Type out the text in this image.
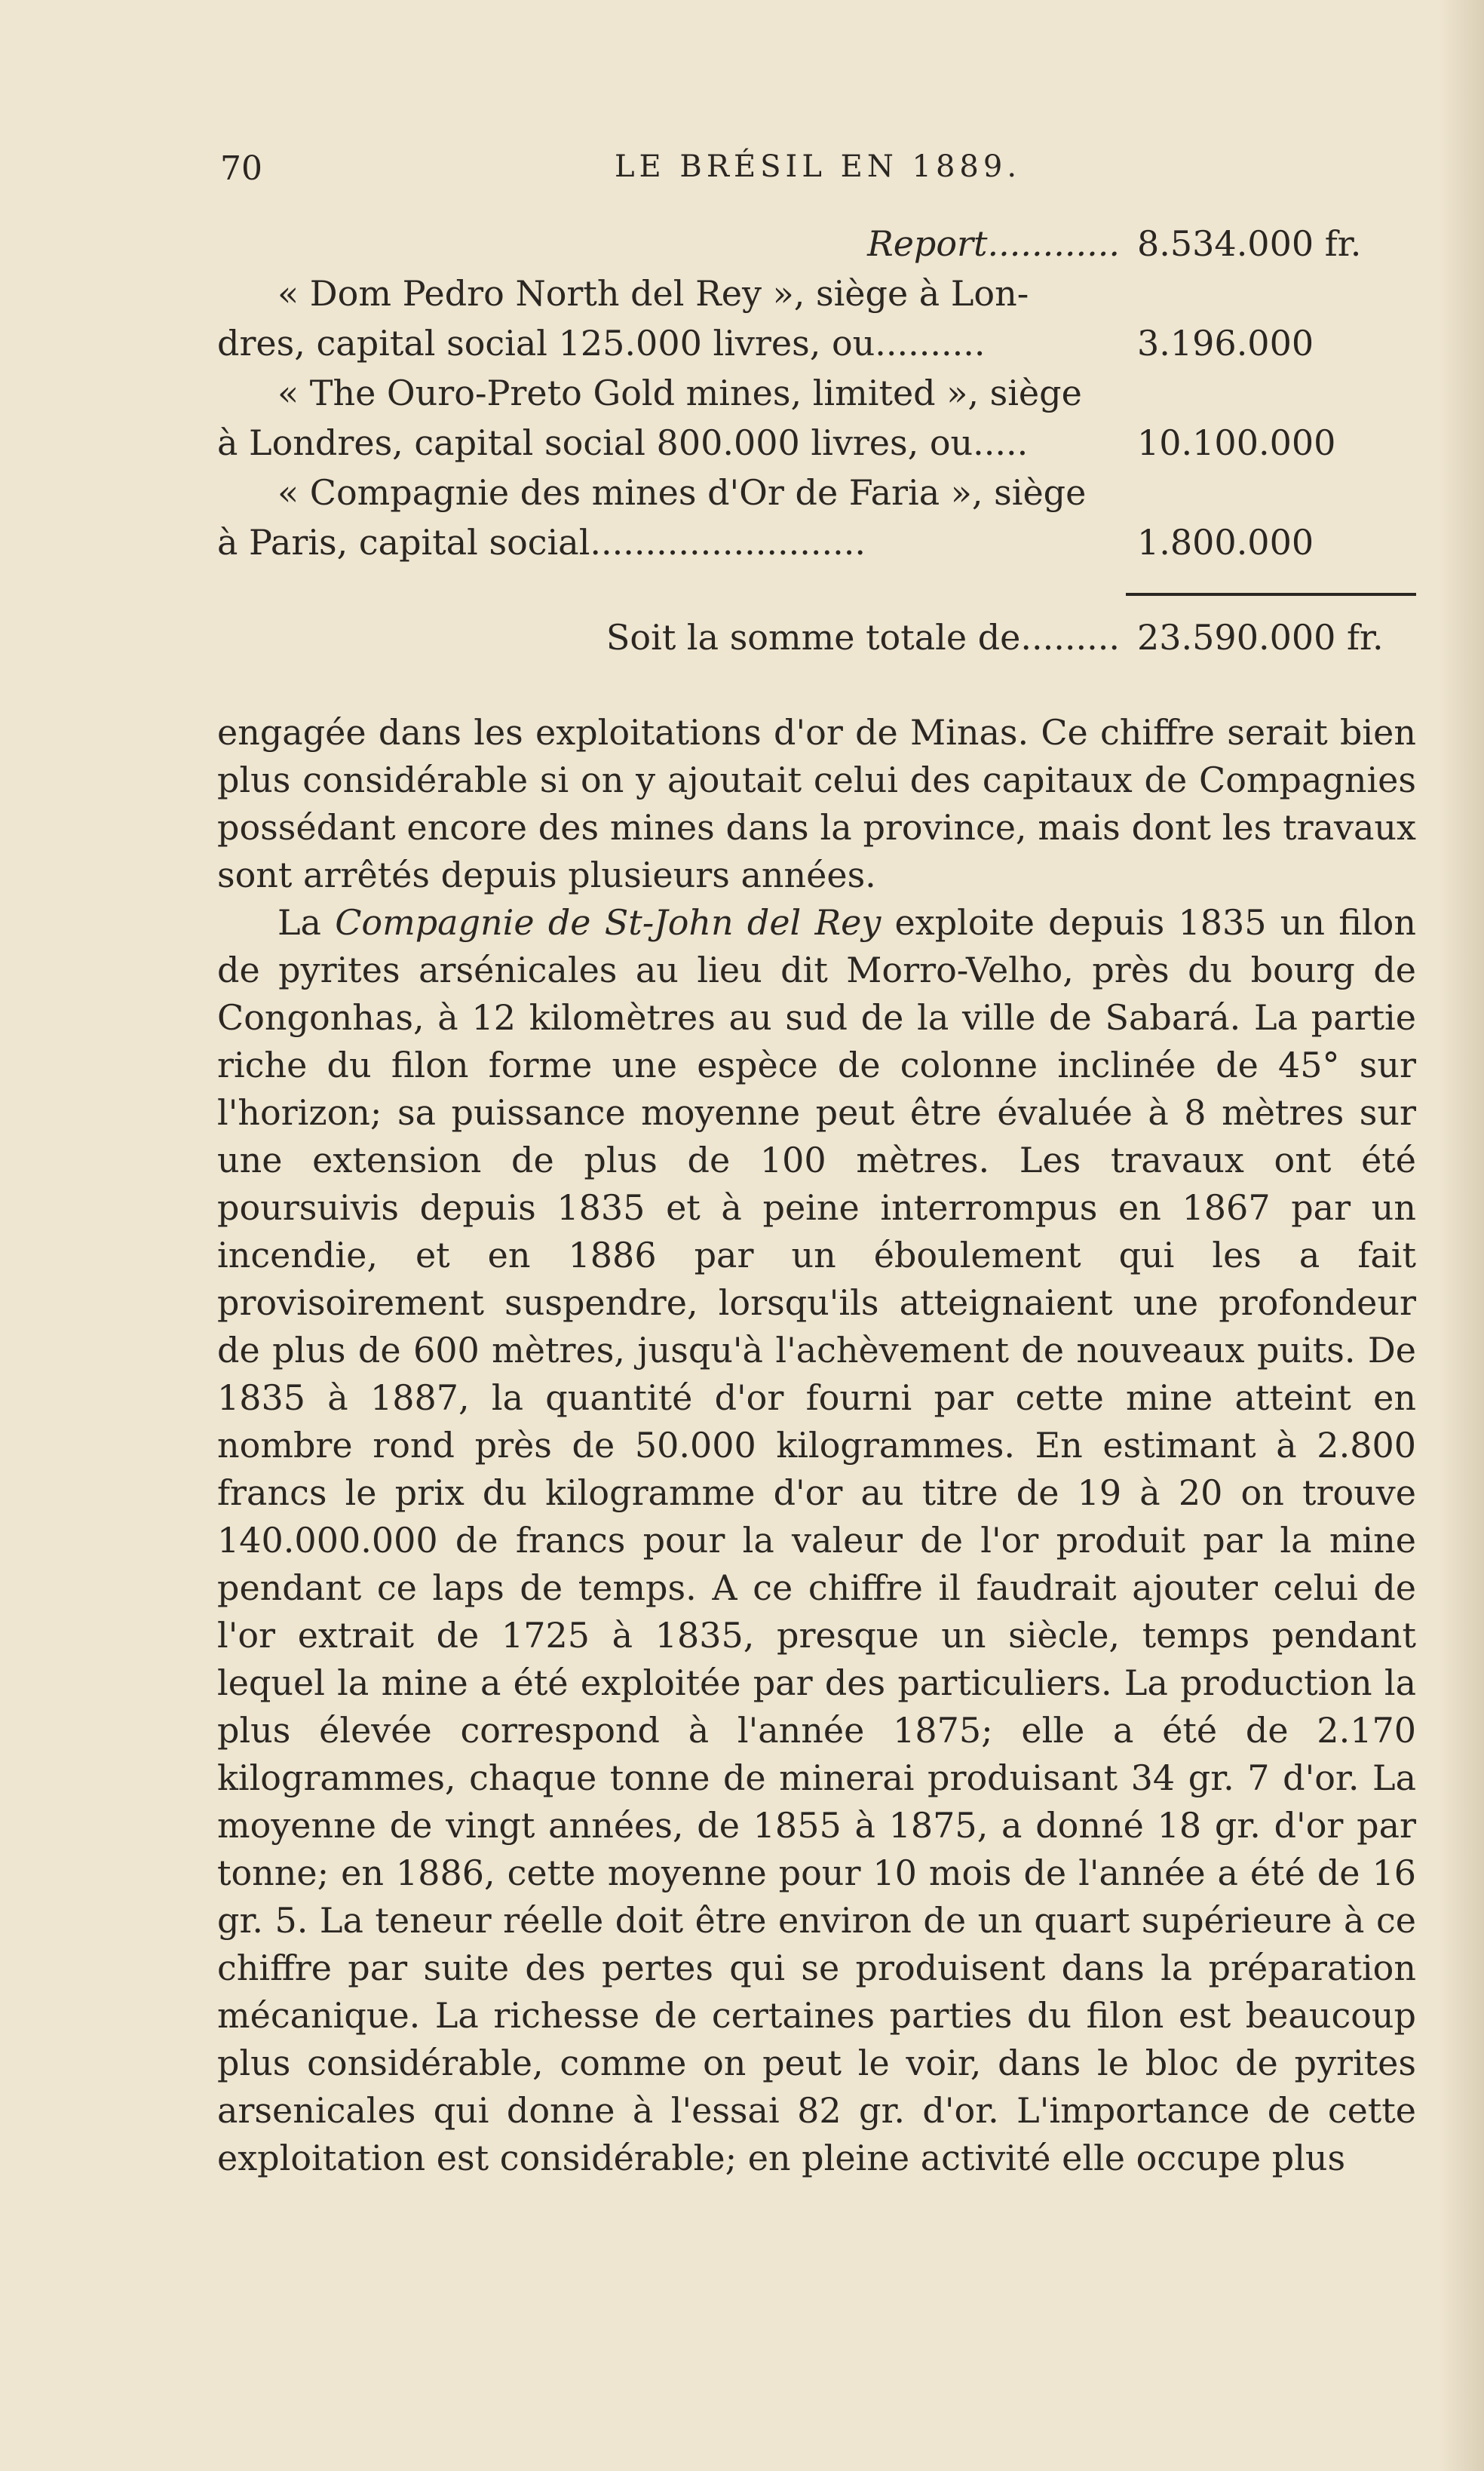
70	LE BRÉSIL EN 1889.
Report............ 8.534.000 fr.
« Dom Pedro North del Rey », siège à Lon-
dres, capital social 125.000 livres, ou..........	3.196.000
« The Ouro-Preto Gold mines, limited », siège
à Londres, capital social 800.000 livres, ou.....	10.100.000
« Compagnie des mines d'Or de Faria », siège
à Paris, capital social.........................	1.800.000
Soit la somme totale de......... 23.590.000 fr.

engagée dans les exploitations d'or de Minas. Ce chiffre serait bien plus considérable si on y ajoutait celui des capitaux de Compagnies possédant encore des mines dans la province, mais dont les travaux sont arrêtés depuis plusieurs années.

La Compagnie de St-John del Rey exploite depuis 1835 un filon de pyrites arsénicales au lieu dit Morro-Velho, près du bourg de Congonhas, à 12 kilomètres au sud de la ville de Sabará. La partie riche du filon forme une espèce de colonne inclinée de 45° sur l'horizon; sa puissance moyenne peut être évaluée à 8 mètres sur une extension de plus de 100 mètres. Les travaux ont été poursuivis depuis 1835 et à peine interrompus en 1867 par un incendie, et en 1886 par un éboulement qui les a fait provisoirement suspendre, lorsqu'ils atteignaient une profondeur de plus de 600 mètres, jusqu'à l'achèvement de nouveaux puits. De 1835 à 1887, la quantité d'or fourni par cette mine atteint en nombre rond près de 50.000 kilogrammes. En estimant à 2.800 francs le prix du kilogramme d'or au titre de 19 à 20 on trouve 140.000.000 de francs pour la valeur de l'or produit par la mine pendant ce laps de temps. A ce chiffre il faudrait ajouter celui de l'or extrait de 1725 à 1835, presque un siècle, temps pendant lequel la mine a été exploitée par des particuliers. La production la plus élevée correspond à l'année 1875; elle a été de 2.170 kilogrammes, chaque tonne de minerai produisant 34 gr. 7 d'or. La moyenne de vingt années, de 1855 à 1875, a donné 18 gr. d'or par tonne; en 1886, cette moyenne pour 10 mois de l'année a été de 16 gr. 5. La teneur réelle doit être environ de un quart supérieure à ce chiffre par suite des pertes qui se produisent dans la préparation mécanique. La richesse de certaines parties du filon est beaucoup plus considérable, comme on peut le voir, dans le bloc de pyrites arsenicales qui donne à l'essai 82 gr. d'or. L'importance de cette exploitation est considérable; en pleine activité elle occupe plus
